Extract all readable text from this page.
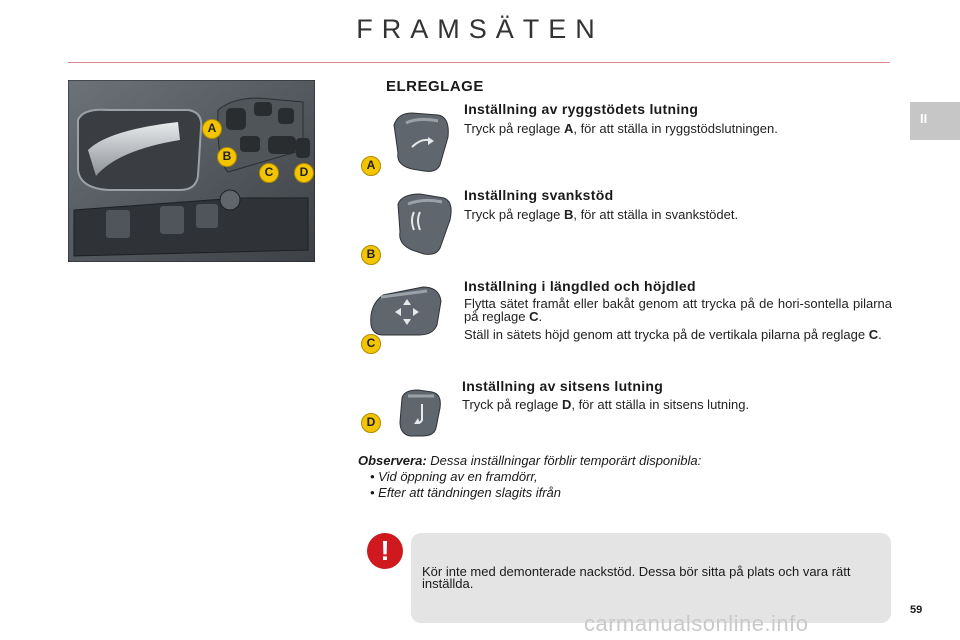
FRAMSÄTEN
II
A
B
C	D
ELREGLAGE
A
Inställning av ryggstödets lutning
Tryck på reglage A, för att ställa in ryggstödslutningen.
B
Inställning svankstöd
Tryck på reglage B, för att ställa in svankstödet.
C
Inställning i längdled och höjdled
Flytta sätet framåt eller bakåt genom att trycka på de hori-sontella pilarna på reglage C.
Ställ in sätets höjd genom att trycka på de vertikala pilarna på reglage C.
D
Inställning av sitsens lutning
Tryck på reglage D, för att ställa in sitsens lutning.
Observera: Dessa inställningar förblir temporärt disponibla:
• Vid öppning av en framdörr,
• Efter att tändningen slagits ifrån
!
Kör inte med demonterade nackstöd. Dessa bör sitta på plats och vara rätt inställda.
59
carmanualsonline.info
